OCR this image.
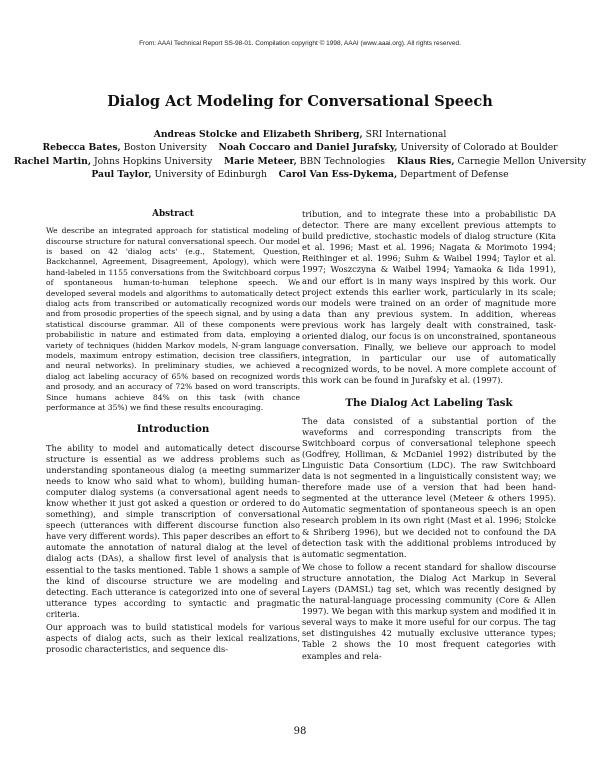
From: AAAI Technical Report SS-98-01. Compilation copyright © 1998, AAAI (www.aaai.org). All rights reserved.
Dialog Act Modeling for Conversational Speech
Andreas Stolcke and Elizabeth Shriberg, SRI International
Rebecca Bates, Boston University Noah Coccaro and Daniel Jurafsky, University of Colorado at Boulder
Rachel Martin, Johns Hopkins University Marie Meteer, BBN Technologies Klaus Ries, Carnegie Mellon University
Paul Taylor, University of Edinburgh Carol Van Ess-Dykema, Department of Defense
Abstract

We describe an integrated approach for statistical modeling of discourse structure for natural conversational speech. Our model is based on 42 'dialog acts' (e.g., Statement, Question, Backchannel, Agreement, Disagreement, Apology), which were hand-labeled in 1155 conversations from the Switchboard corpus of spontaneous human-to-human telephone speech. We developed several models and algorithms to automatically detect dialog acts from transcribed or automatically recognized words and from prosodic properties of the speech signal, and by using a statistical discourse grammar. All of these components were probabilistic in nature and estimated from data, employing a variety of techniques (hidden Markov models, N-gram language models, maximum entropy estimation, decision tree classifiers, and neural networks). In preliminary studies, we achieved a dialog act labeling accuracy of 65% based on recognized words and prosody, and an accuracy of 72% based on word transcripts. Since humans achieve 84% on this task (with chance performance at 35%) we find these results encouraging.

Introduction

The ability to model and automatically detect discourse structure is essential as we address problems such as understanding spontaneous dialog (a meeting summarizer needs to know who said what to whom), building human-computer dialog systems (a conversational agent needs to know whether it just got asked a question or ordered to do something), and simple transcription of conversational speech (utterances with different discourse function also have very different words). This paper describes an effort to automate the annotation of natural dialog at the level of dialog acts (DAs), a shallow first level of analysis that is essential to the tasks mentioned. Table 1 shows a sample of the kind of discourse structure we are modeling and detecting. Each utterance is categorized into one of several utterance types according to syntactic and pragmatic criteria.

Our approach was to build statistical models for various aspects of dialog acts, such as their lexical realizations, prosodic characteristics, and sequence dis-

tribution, and to integrate these into a probabilistic DA detector. There are many excellent previous attempts to build predictive, stochastic models of dialog structure (Kita et al. 1996; Mast et al. 1996; Nagata & Morimoto 1994; Reithinger et al. 1996; Suhm & Waibel 1994; Taylor et al. 1997; Woszczyna & Waibel 1994; Yamaoka & Iida 1991), and our effort is in many ways inspired by this work. Our project extends this earlier work, particularly in its scale; our models were trained on an order of magnitude more data than any previous system. In addition, whereas previous work has largely dealt with constrained, task-oriented dialog, our focus is on unconstrained, spontaneous conversation. Finally, we believe our approach to model integration, in particular our use of automatically recognized words, to be novel. A more complete account of this work can be found in Jurafsky et al. (1997).

The Dialog Act Labeling Task

The data consisted of a substantial portion of the waveforms and corresponding transcripts from the Switchboard corpus of conversational telephone speech (Godfrey, Holliman, & McDaniel 1992) distributed by the Linguistic Data Consortium (LDC). The raw Switchboard data is not segmented in a linguistically consistent way; we therefore made use of a version that had been hand-segmented at the utterance level (Meteer & others 1995). Automatic segmentation of spontaneous speech is an open research problem in its own right (Mast et al. 1996; Stolcke & Shriberg 1996), but we decided not to confound the DA detection task with the additional problems introduced by automatic segmentation.

We chose to follow a recent standard for shallow discourse structure annotation, the Dialog Act Markup in Several Layers (DAMSL) tag set, which was recently designed by the natural-language processing community (Core & Allen 1997). We began with this markup system and modified it in several ways to make it more useful for our corpus. The tag set distinguishes 42 mutually exclusive utterance types; Table 2 shows the 10 most frequent categories with examples and rela-

98
